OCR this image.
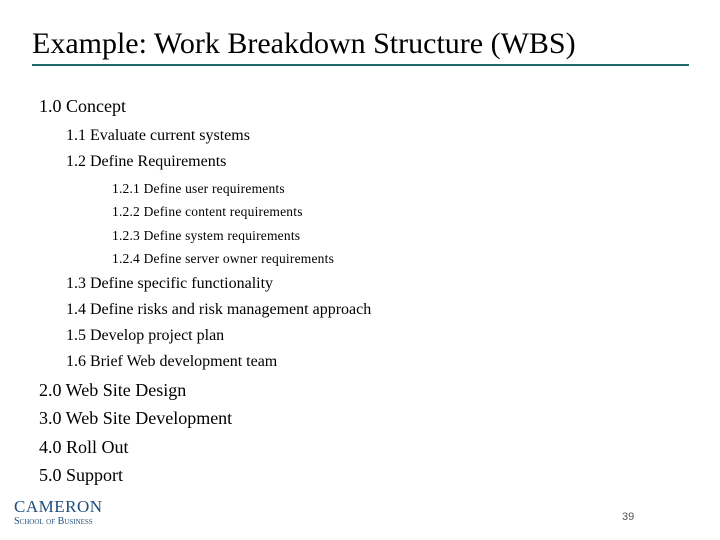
Example: Work Breakdown Structure (WBS)
1.0 Concept
1.1 Evaluate current systems
1.2 Define Requirements
1.2.1 Define user requirements
1.2.2 Define content requirements
1.2.3 Define system requirements
1.2.4 Define server owner requirements
1.3 Define specific functionality
1.4 Define risks and risk management approach
1.5 Develop project plan
1.6 Brief Web development team
2.0 Web Site Design
3.0 Web Site Development
4.0 Roll Out
5.0 Support
CAMERON
School of Business	39
